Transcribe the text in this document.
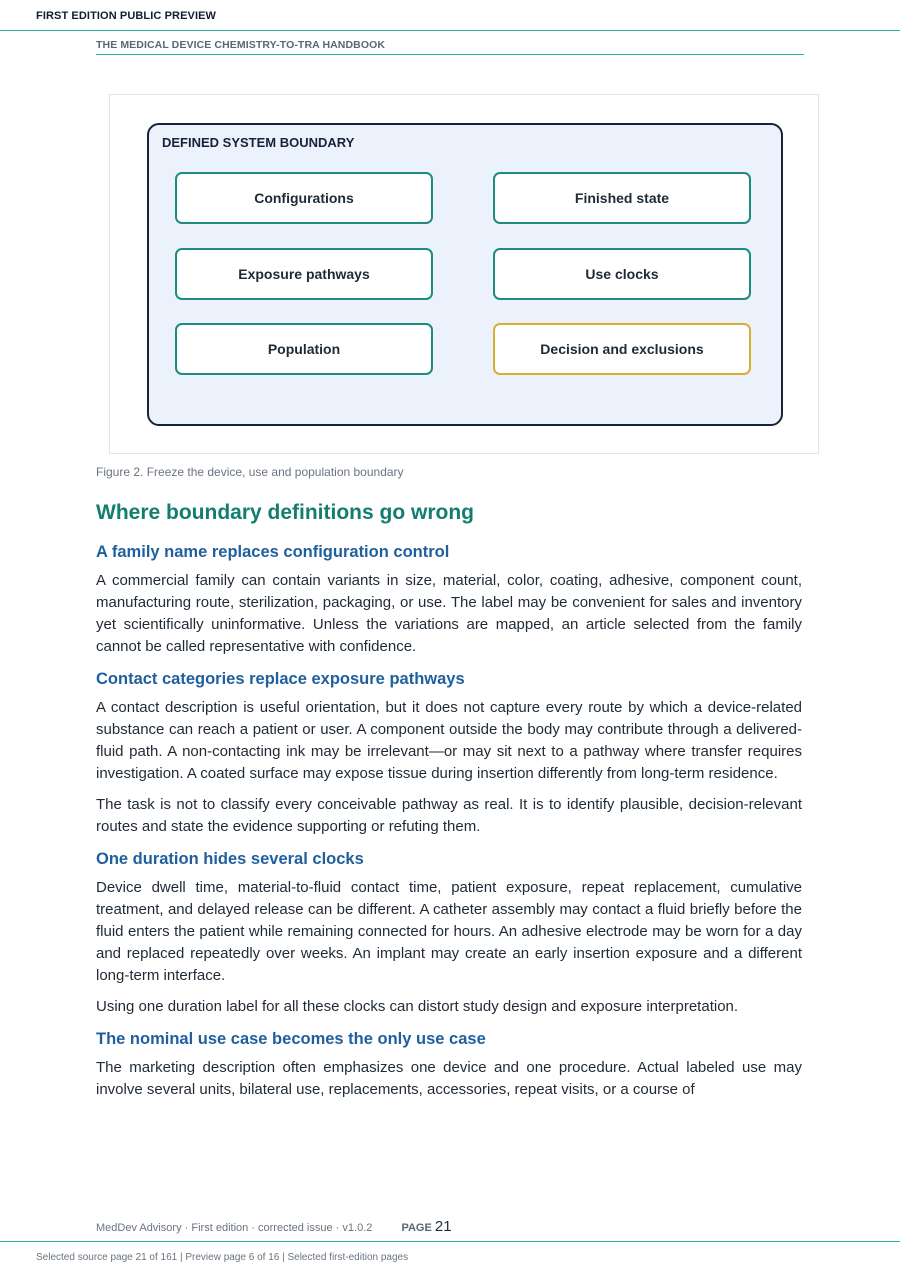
FIRST EDITION PUBLIC PREVIEW
THE MEDICAL DEVICE CHEMISTRY-TO-TRA HANDBOOK
DEFINED SYSTEM BOUNDARY
Configurations	Finished state
Exposure pathways	Use clocks
Population	Decision and exclusions
Figure 2. Freeze the device, use and population boundary
Where boundary definitions go wrong
A family name replaces configuration control

A commercial family can contain variants in size, material, color, coating, adhesive, component count, manufacturing route, sterilization, packaging, or use. The label may be convenient for sales and inventory yet scientifically uninformative. Unless the variations are mapped, an article selected from the family cannot be called representative with confidence.

Contact categories replace exposure pathways

A contact description is useful orientation, but it does not capture every route by which a device-related substance can reach a patient or user. A component outside the body may contribute through a delivered-fluid path. A non-contacting ink may be irrelevant—or may sit next to a pathway where transfer requires investigation. A coated surface may expose tissue during insertion differently from long-term residence.

The task is not to classify every conceivable pathway as real. It is to identify plausible, decision-relevant routes and state the evidence supporting or refuting them.

One duration hides several clocks

Device dwell time, material-to-fluid contact time, patient exposure, repeat replacement, cumulative treatment, and delayed release can be different. A catheter assembly may contact a fluid briefly before the fluid enters the patient while remaining connected for hours. An adhesive electrode may be worn for a day and replaced repeatedly over weeks. An implant may create an early insertion exposure and a different long-term interface.

Using one duration label for all these clocks can distort study design and exposure interpretation.

The nominal use case becomes the only use case

The marketing description often emphasizes one device and one procedure. Actual labeled use may involve several units, bilateral use, replacements, accessories, repeat visits, or a course of

MedDev Advisory · First edition · corrected issue · v1.0.2	PAGE 21
Selected source page 21 of 161 | Preview page 6 of 16 | Selected first-edition pages
